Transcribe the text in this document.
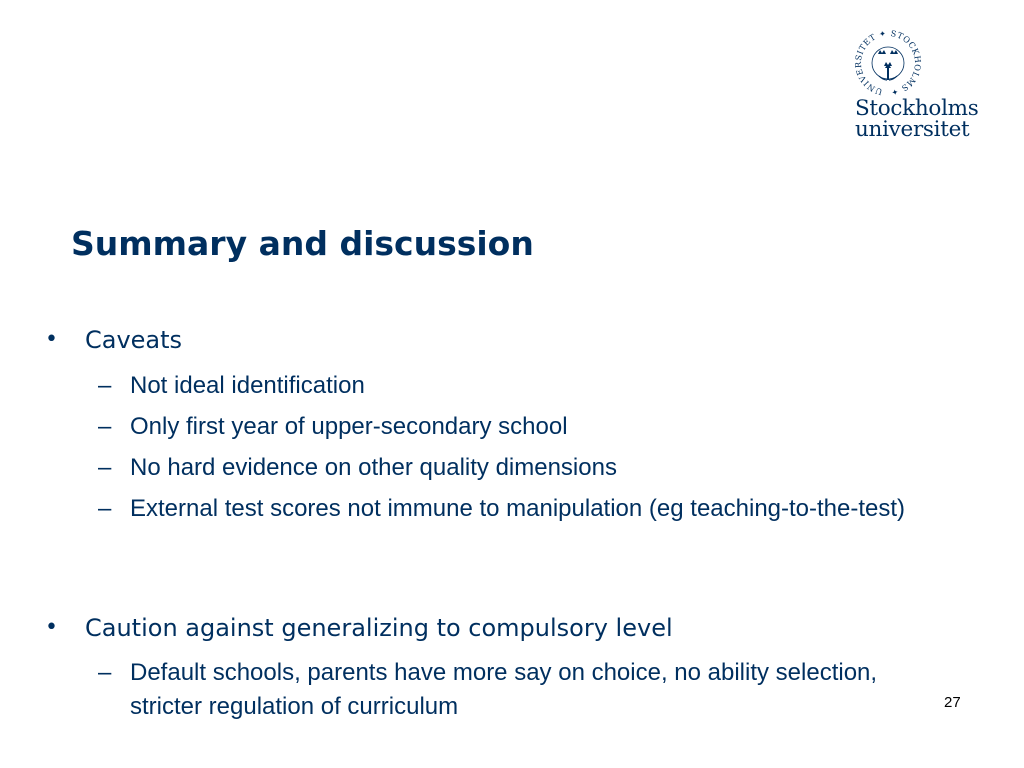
UNIVERSITET ✦ STOCKHOLMS ✦
Stockholms
universitet
Summary and discussion
• Caveats
– Not ideal identification
– Only first year of upper-secondary school
– No hard evidence on other quality dimensions
– External test scores not immune to manipulation (eg teaching-to-the-test)
• Caution against generalizing to compulsory level
– Default schools, parents have more say on choice, no ability selection, stricter regulation of curriculum	27
